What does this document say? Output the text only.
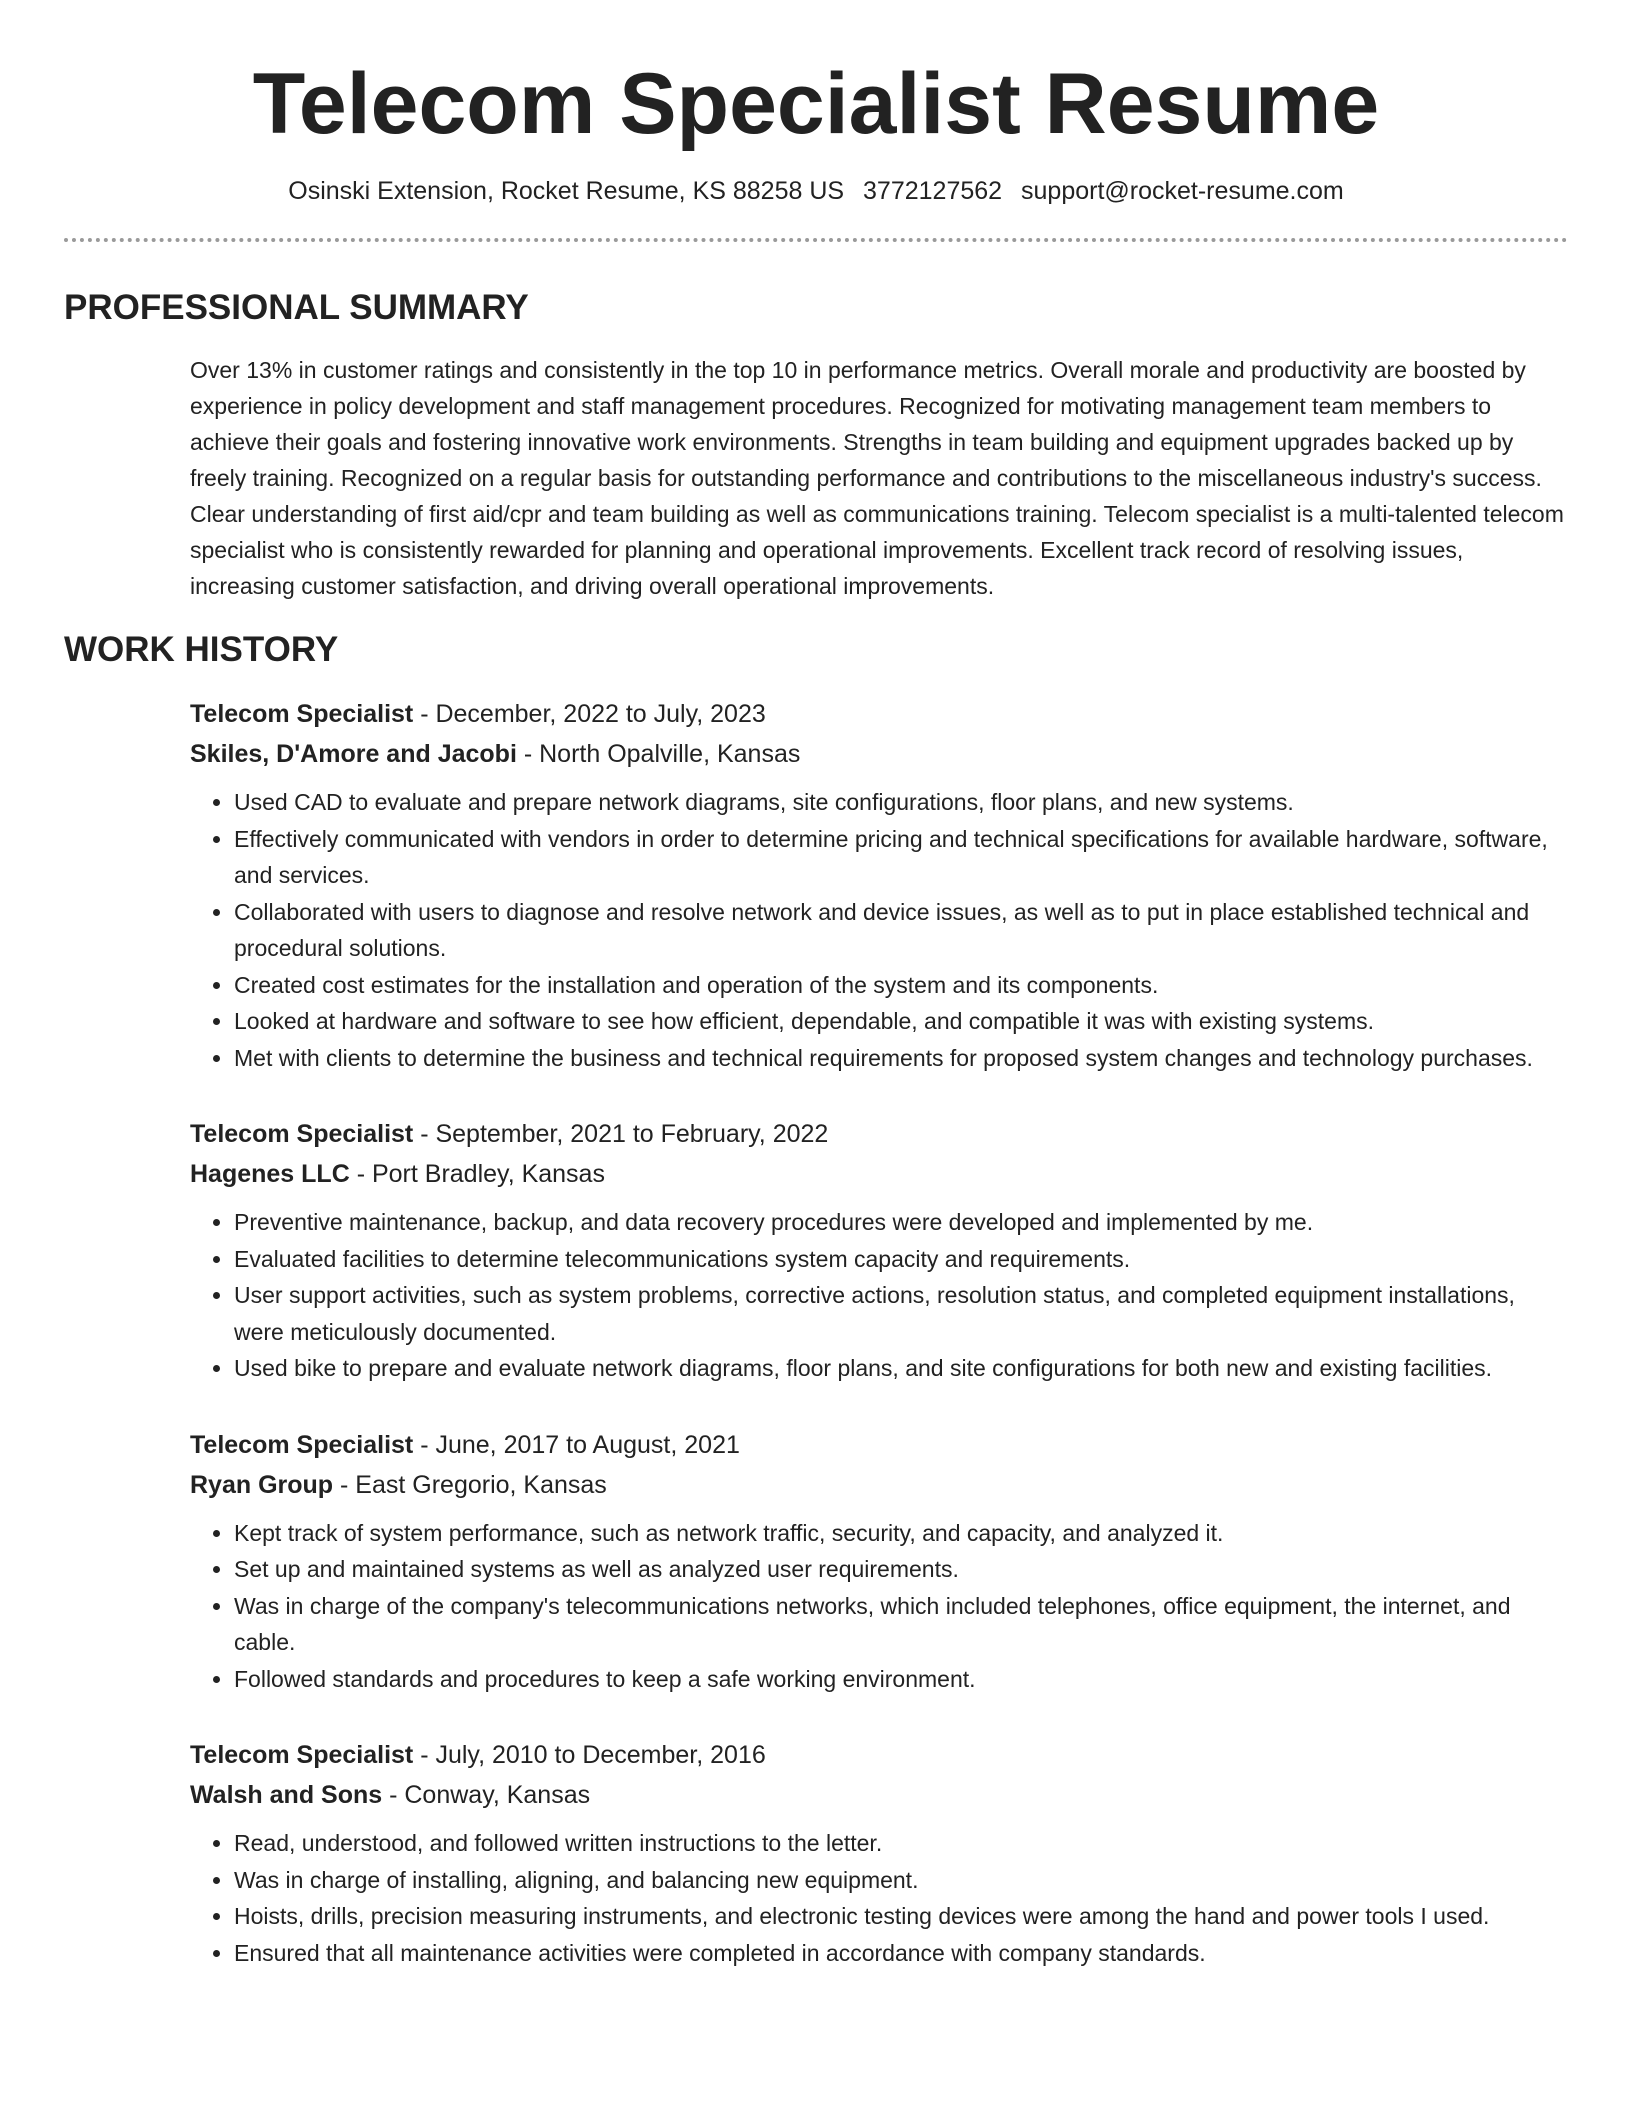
Telecom Specialist Resume
Osinski Extension, Rocket Resume, KS 88258 US 3772127562 support@rocket-resume.com
PROFESSIONAL SUMMARY

Over 13% in customer ratings and consistently in the top 10 in performance metrics. Overall morale and productivity are boosted by experience in policy development and staff management procedures. Recognized for motivating management team members to achieve their goals and fostering innovative work environments. Strengths in team building and equipment upgrades backed up by freely training. Recognized on a regular basis for outstanding performance and contributions to the miscellaneous industry's success. Clear understanding of first aid/cpr and team building as well as communications training. Telecom specialist is a multi-talented telecom specialist who is consistently rewarded for planning and operational improvements. Excellent track record of resolving issues, increasing customer satisfaction, and driving overall operational improvements.

WORK HISTORY
Telecom Specialist - December, 2022 to July, 2023
Skiles, D'Amore and Jacobi - North Opalville, Kansas
• Used CAD to evaluate and prepare network diagrams, site configurations, floor plans, and new systems.
• Effectively communicated with vendors in order to determine pricing and technical specifications for available hardware, software, and services.
• Collaborated with users to diagnose and resolve network and device issues, as well as to put in place established technical and procedural solutions.
• Created cost estimates for the installation and operation of the system and its components.
• Looked at hardware and software to see how efficient, dependable, and compatible it was with existing systems.
• Met with clients to determine the business and technical requirements for proposed system changes and technology purchases.
Telecom Specialist - September, 2021 to February, 2022
Hagenes LLC - Port Bradley, Kansas
• Preventive maintenance, backup, and data recovery procedures were developed and implemented by me.
• Evaluated facilities to determine telecommunications system capacity and requirements.
• User support activities, such as system problems, corrective actions, resolution status, and completed equipment installations, were meticulously documented.
• Used bike to prepare and evaluate network diagrams, floor plans, and site configurations for both new and existing facilities.
Telecom Specialist - June, 2017 to August, 2021
Ryan Group - East Gregorio, Kansas
• Kept track of system performance, such as network traffic, security, and capacity, and analyzed it.
• Set up and maintained systems as well as analyzed user requirements.
• Was in charge of the company's telecommunications networks, which included telephones, office equipment, the internet, and cable.
• Followed standards and procedures to keep a safe working environment.
Telecom Specialist - July, 2010 to December, 2016
Walsh and Sons - Conway, Kansas
• Read, understood, and followed written instructions to the letter.
• Was in charge of installing, aligning, and balancing new equipment.
• Hoists, drills, precision measuring instruments, and electronic testing devices were among the hand and power tools I used.
• Ensured that all maintenance activities were completed in accordance with company standards.
